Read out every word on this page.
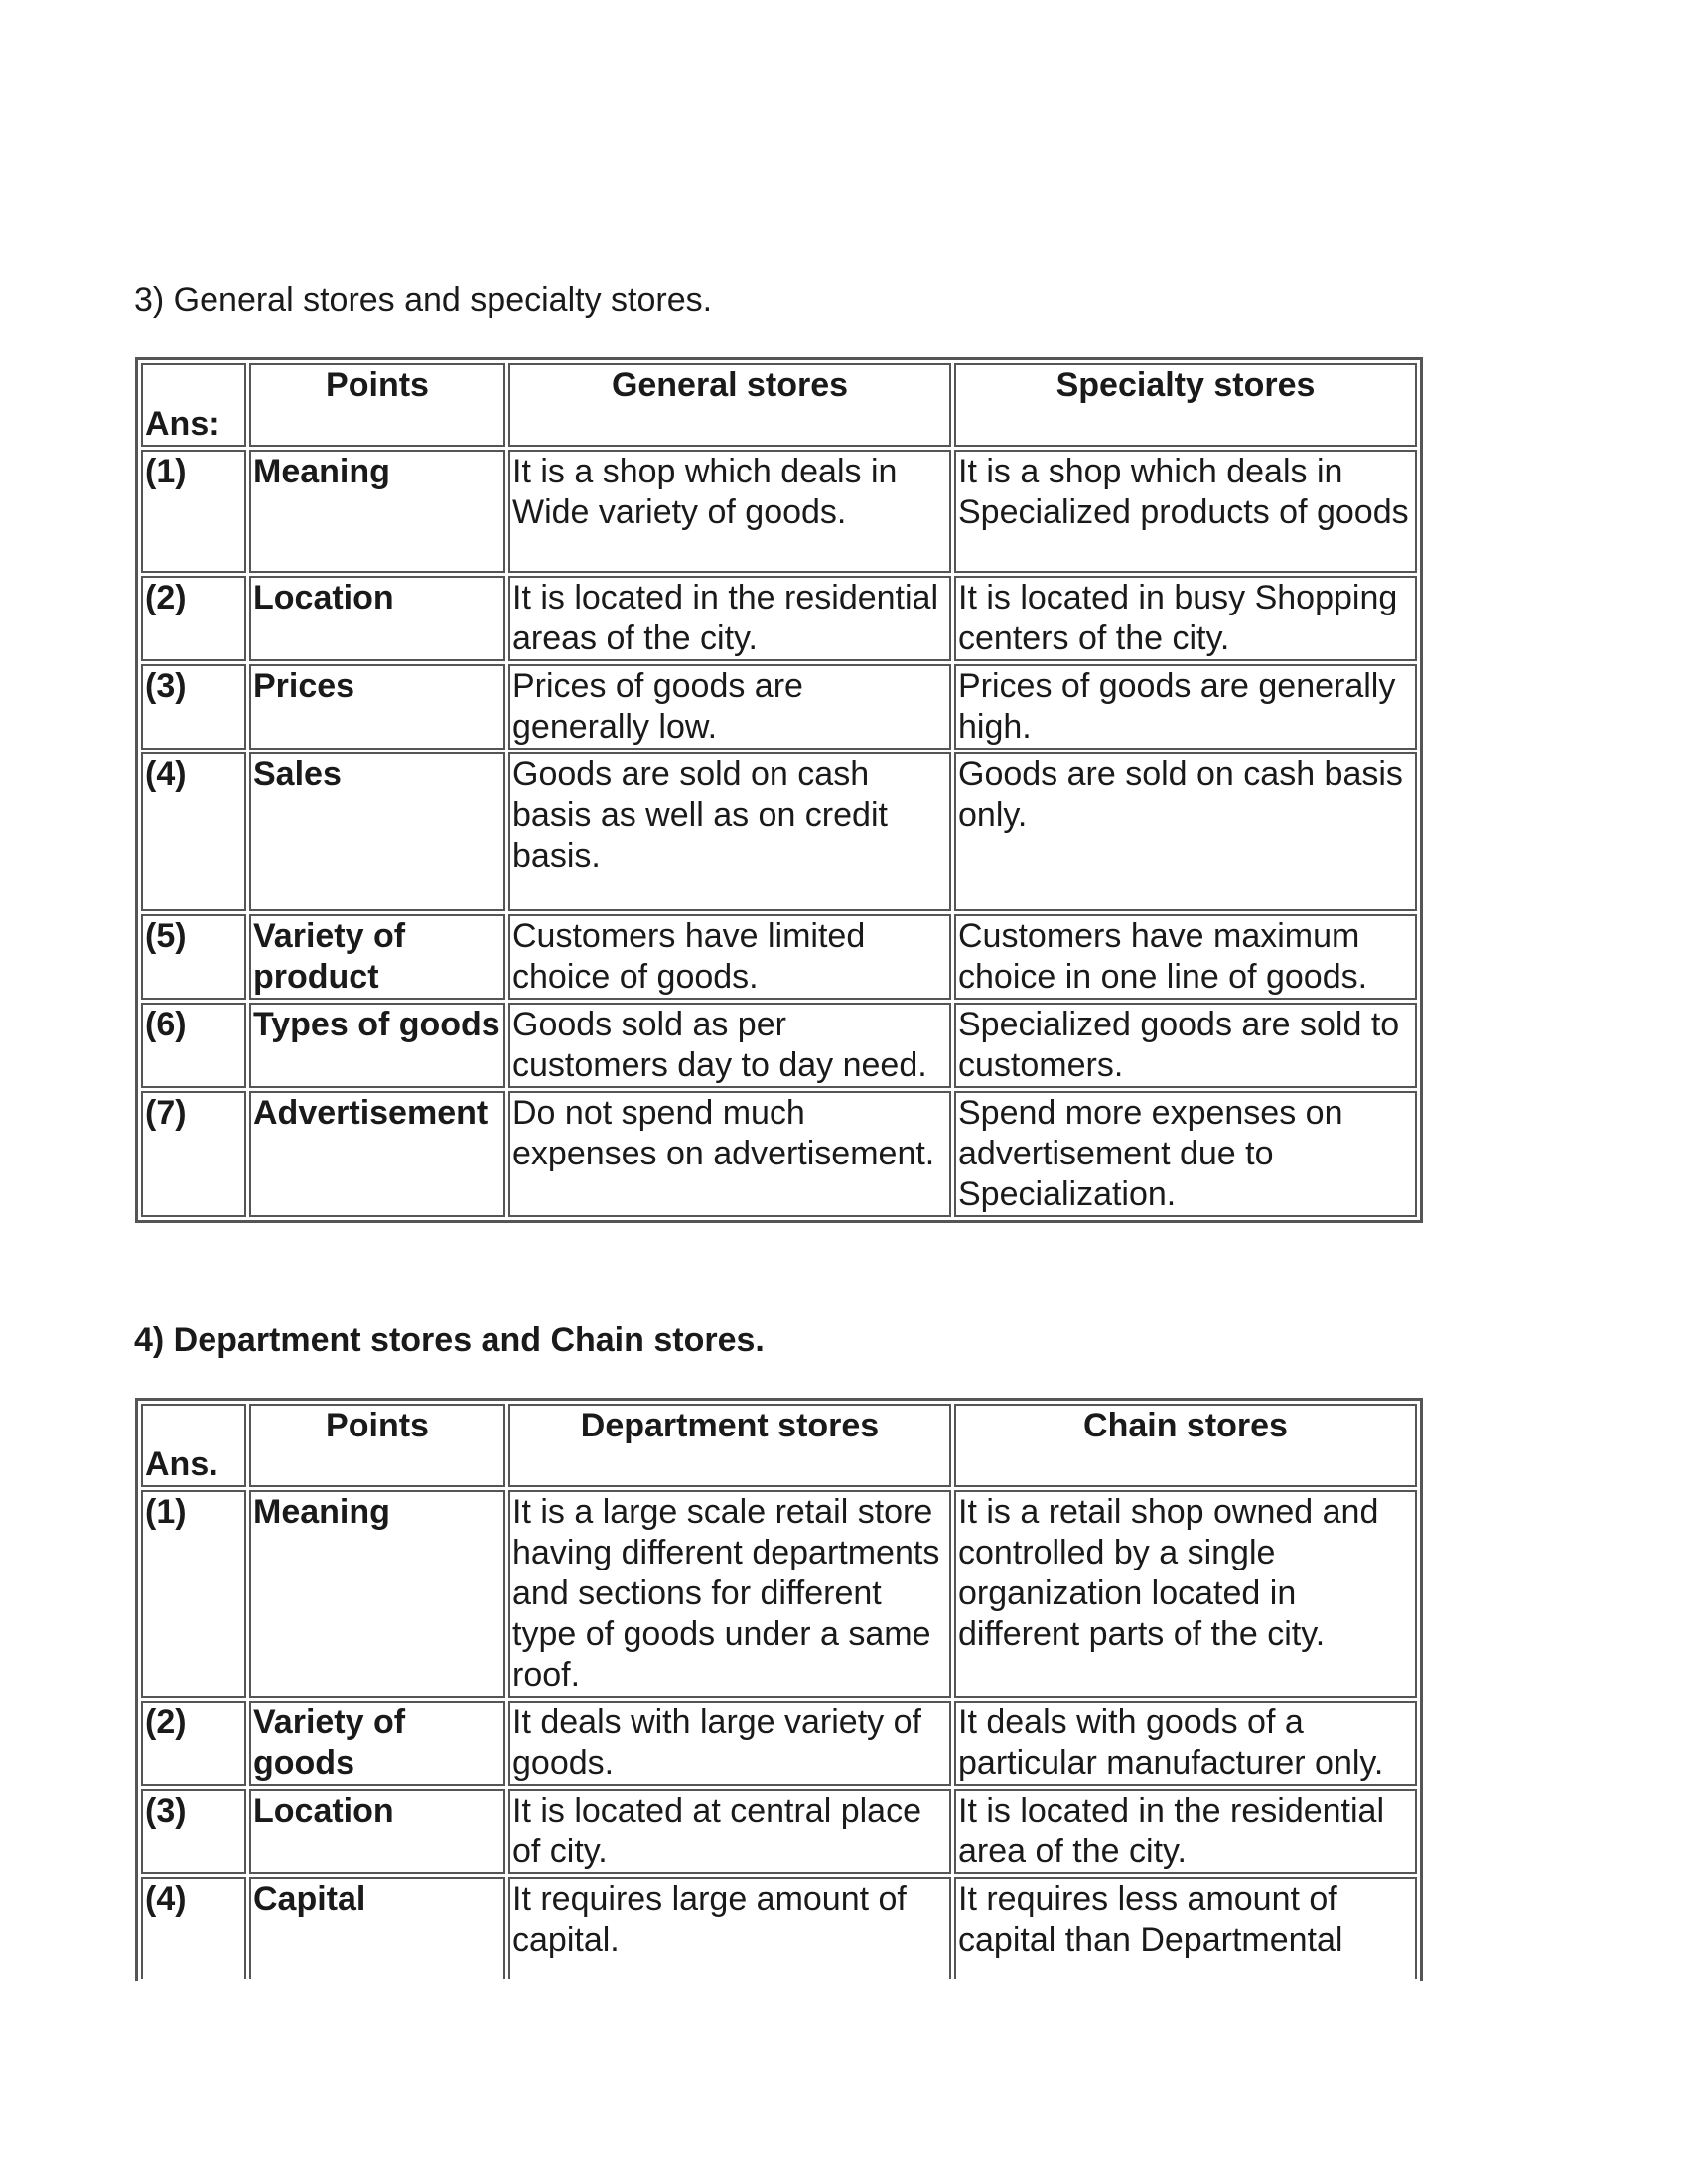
3) General stores and specialty stores.
Ans:	Points	General stores	Specialty stores
(1)	Meaning	It is a shop which deals in Wide variety of goods.	It is a shop which deals in Specialized products of goods
(2)	Location	It is located in the residential areas of the city.	It is located in busy Shopping centers of the city.
(3)	Prices	Prices of goods are generally low.	Prices of goods are generally high.
(4)	Sales	Goods are sold on cash basis as well as on credit basis.	Goods are sold on cash basis only.
(5)	Variety of product	Customers have limited choice of goods.	Customers have maximum choice in one line of goods.
(6)	Types of goods	Goods sold as per customers day to day need.	Specialized goods are sold to customers.
(7)	Advertisement	Do not spend much expenses on advertisement.	Spend more expenses on advertisement due to Specialization.
4) Department stores and Chain stores.
Ans.	Points	Department stores	Chain stores
(1)	Meaning	It is a large scale retail store having different departments and sections for different type of goods under a same roof.	It is a retail shop owned and controlled by a single organization located in different parts of the city.
(2)	Variety of goods	It deals with large variety of goods.	It deals with goods of a particular manufacturer only.
(3)	Location	It is located at central place of city.	It is located in the residential area of the city.
(4)	Capital	It requires large amount of capital.	It requires less amount of capital than Departmental
